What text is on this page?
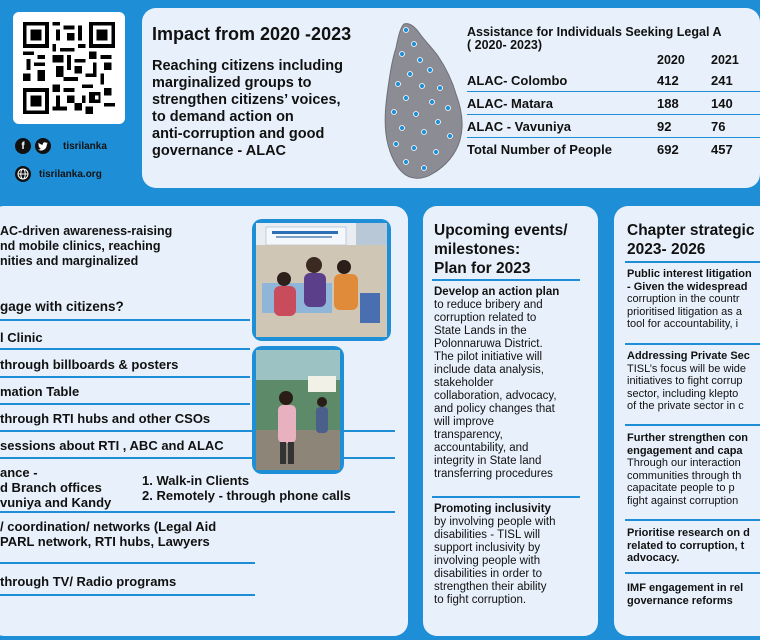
f	tisrilanka
tisrilanka.org
Impact from 2020 -2023
Reaching citizens including
marginalized groups to
strengthen citizens’ voices,
to demand action on
anti-corruption and good
governance - ALAC
Assistance for Individuals Seeking Legal A
( 2020- 2023)
2020 2021
ALAC- Colombo	412 241
ALAC- Matara	188 140
ALAC - Vavuniya	92	76
Total Number of People	692 457
AC-driven awareness-raising
nd mobile clinics, reaching
nities and marginalized
gage with citizens?
l Clinic
through billboards & posters
mation Table
through RTI hubs and other CSOs
sessions about RTI , ABC and ALAC
ance -
d Branch offices
vuniya and Kandy
1. Walk-in Clients
2. Remotely - through phone calls
/ coordination/ networks (Legal Aid
PARL network, RTI hubs, Lawyers
through TV/ Radio programs
Upcoming events/
milestones:
Plan for 2023
Develop an action plan
to reduce bribery and
corruption related to
State Lands in the
Polonnaruwa District.
The pilot initiative will
include data analysis,
stakeholder
collaboration, advocacy,
and policy changes that
will improve
transparency,
accountability, and
integrity in State land
transferring procedures
Promoting inclusivity
by involving people with
disabilities - TISL will
support inclusivity by
involving people with
disabilities in order to
strengthen their ability
to fight corruption.
Chapter strategic
2023- 2026
Public interest litigation
- Given the widespread
corruption in the countr
prioritised litigation as a
tool for accountability, i
Addressing Private Sec
TISL’s focus will be wide
initiatives to fight corrup
sector, including klepto
of the private sector in c
Further strengthen con
engagement and capa
Through our interaction
communities through th
capacitate people to p
fight against corruption
Prioritise research on d
related to corruption, t
advocacy.
IMF engagement in rel
governance reforms
